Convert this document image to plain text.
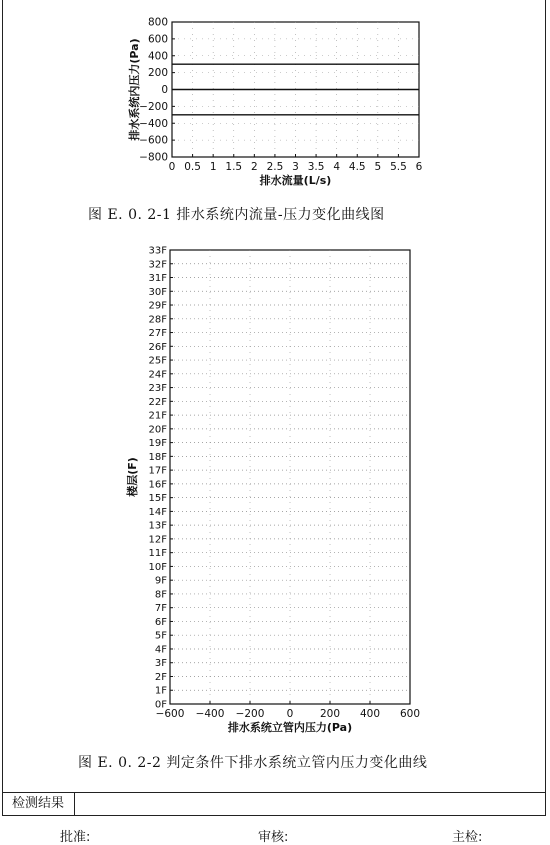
0 0.5 1 1.5 2 2.5 3 3.5 4 4.5 5 5.5 6
800
600
400
200
0
−200
−400
−600
−800
排水流量(L/s)
排水系统内压力(Pa)
图 E. 0. 2-1 排水系统内流量-压力变化曲线图
0F
1F
2F
3F
4F
5F
6F
7F
8F
9F
10F
11F
12F
13F
14F
15F
16F
17F
18F
19F
20F
21F
22F
23F
24F
25F
26F
27F
28F
29F
30F
31F
32F
33F
−600 −400 −200 0	200 400 600
排水系统立管内压力(Pa)
楼层(F)
图 E. 0. 2-2 判定条件下排水系统立管内压力变化曲线
检测结果
批准:	审核:	主检:
